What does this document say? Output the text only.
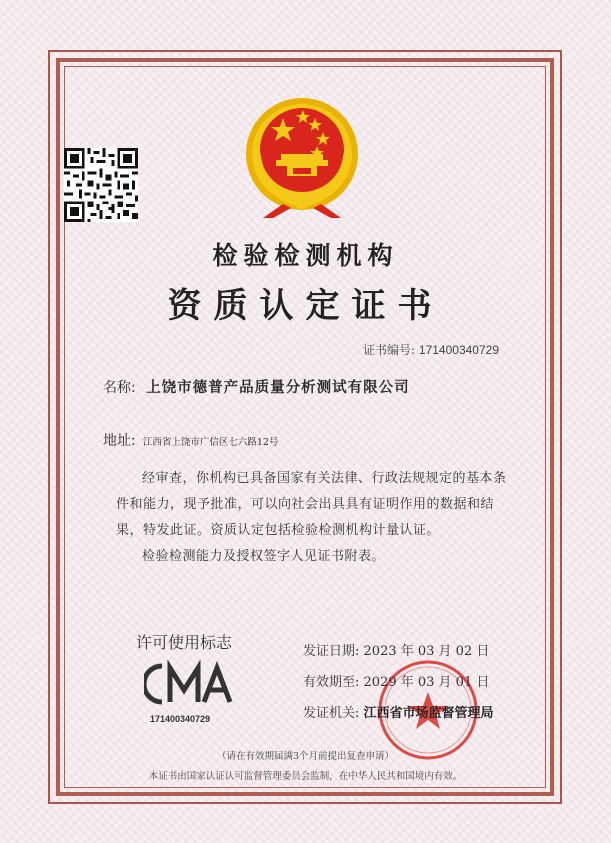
检验检测机构
资质认定证书
证书编号: 171400340729
名称: 上饶市德普产品质量分析测试有限公司
地址: 江西省上饶市广信区七六路12号

经审查，你机构已具备国家有关法律、行政法规规定的基本条件和能力，现予批准，可以向社会出具具有证明作用的数据和结果，特发此证。资质认定包括检验检测机构计量认证。

检验检测能力及授权签字人见证书附表。

许可使用标志
171400340729
发证日期: 2023 年 03 月 02 日
有效期至: 2029 年 03 月 01 日
发证机关: 江西省市场监督管理局
（请在有效期届满3个月前提出复查申请）
本证书由国家认证认可监督管理委员会监制，在中华人民共和国境内有效。
